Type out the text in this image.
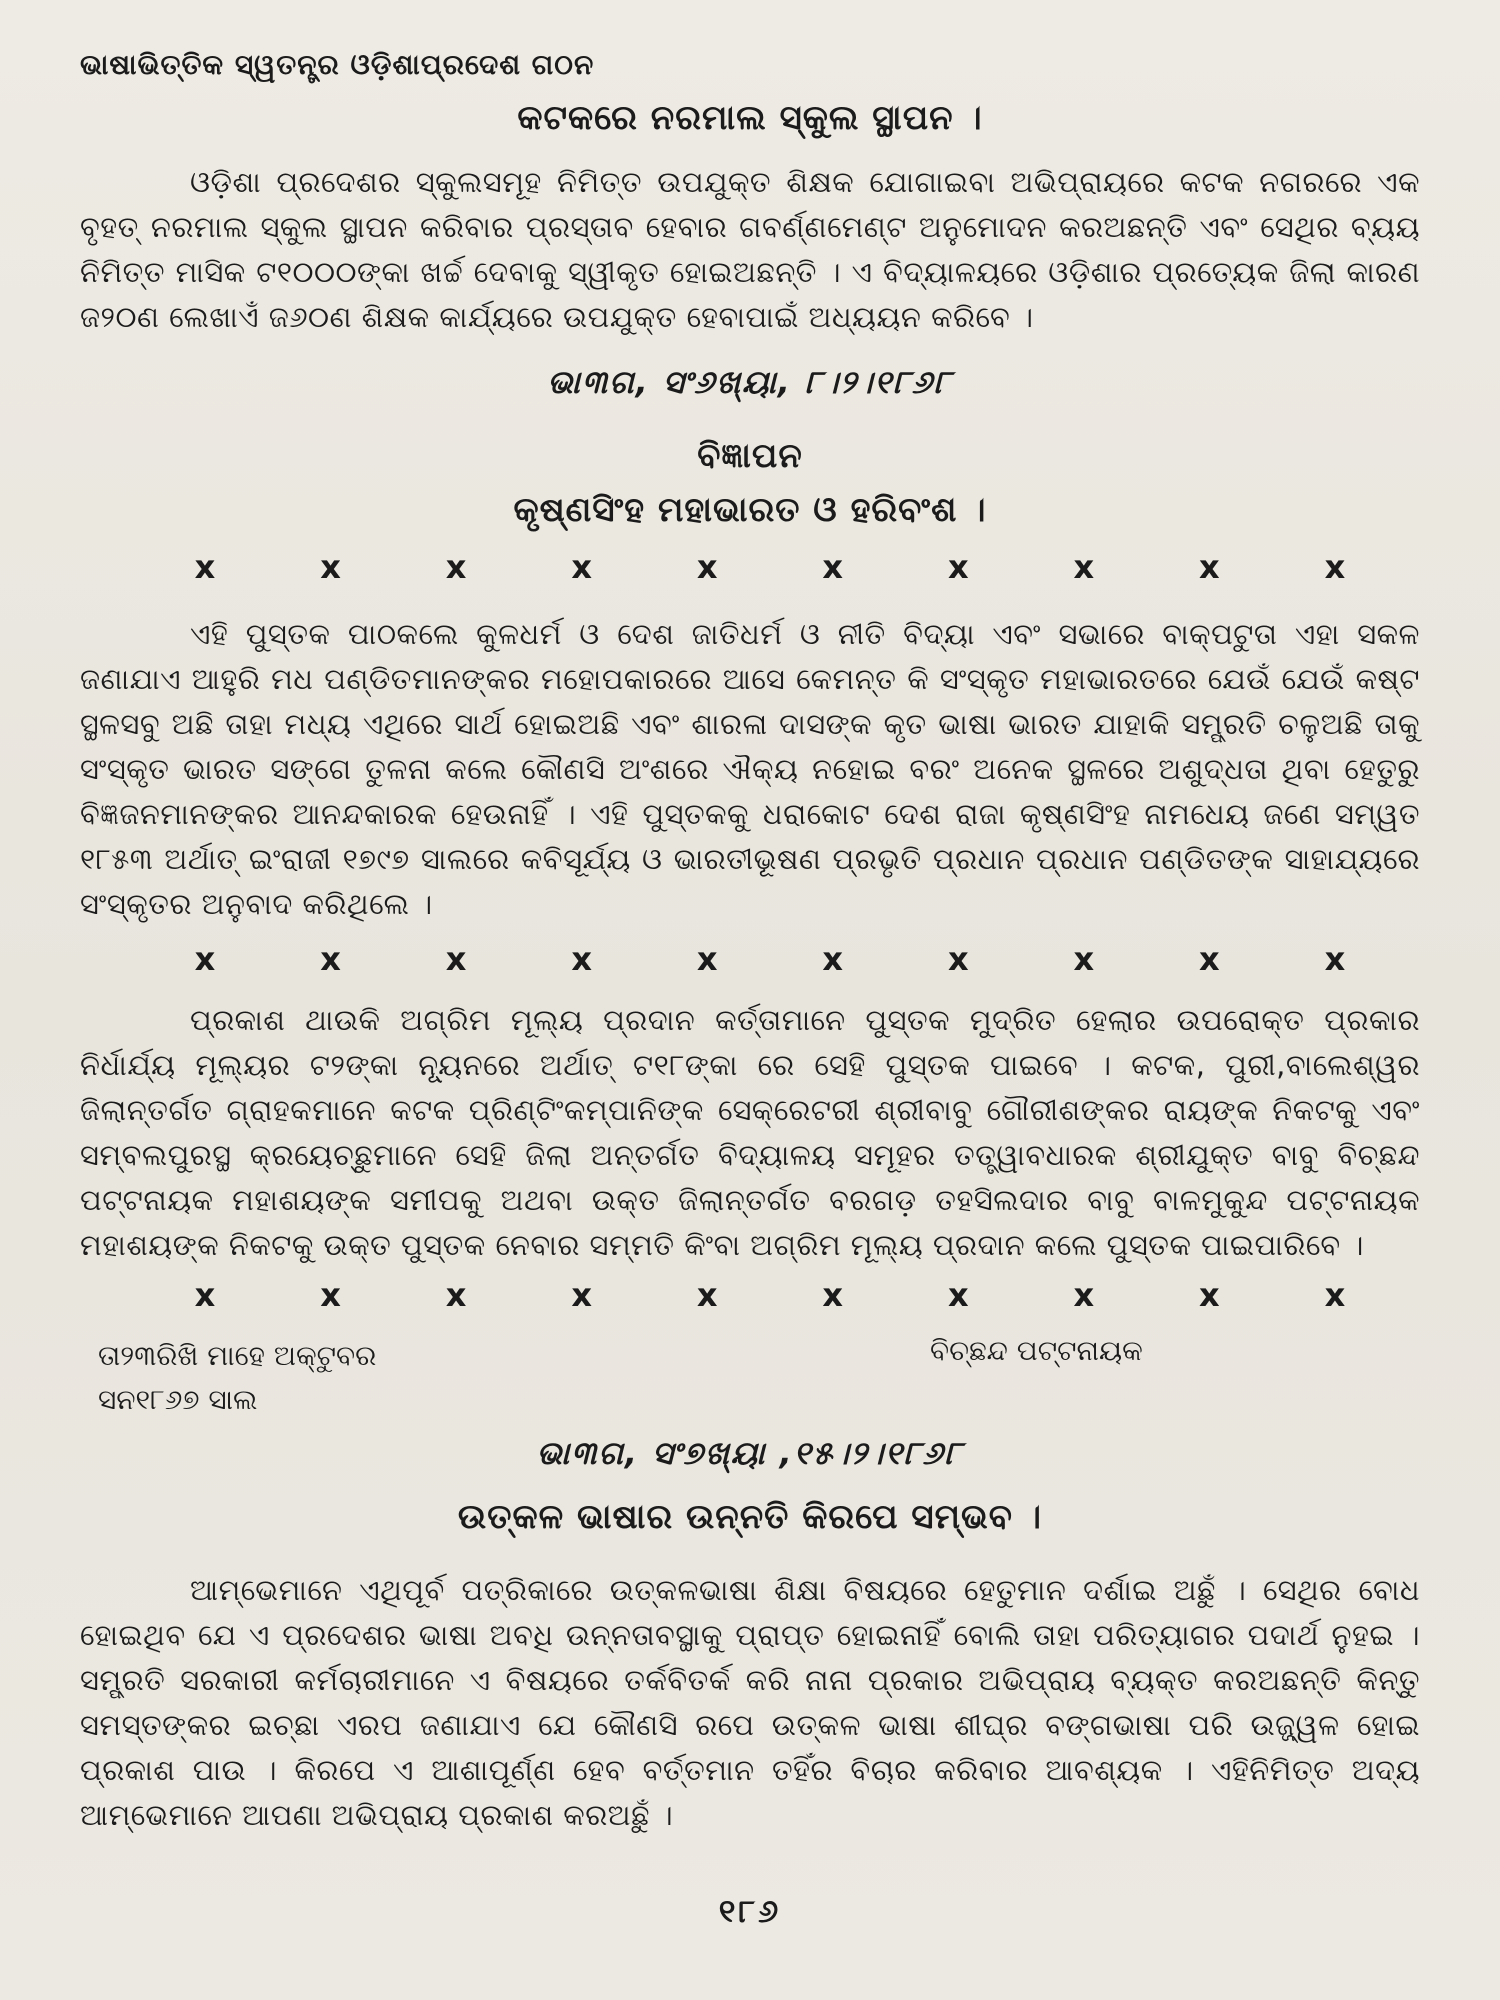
ଭାଷାଭିତ୍ତିକ ସ୍ୱତନ୍ତ୍ର ଓଡ଼ିଶାପ୍ରଦେଶ ଗଠନ
କଟକରେ ନରମାଲ ସ୍କୁଲ ସ୍ଥାପନ ।
ଓଡ଼ିଶା ପ୍ରଦେଶର ସ୍କୁଲସମୂହ ନିମିତ୍ତ ଉପଯୁକ୍ତ ଶିକ୍ଷକ ଯୋଗାଇବା ଅଭିପ୍ରାୟରେ କଟକ ନଗରରେ ଏକ ବୃହତ୍ ନରମାଲ ସ୍କୁଲ ସ୍ଥାପନ କରିବାର ପ୍ରସ୍ତାବ ହେବାର ଗବର୍ଣ୍ଣମେଣ୍ଟ ଅନୁମୋଦନ କରଅଛନ୍ତି ଏବଂ ସେଥିର ବ୍ୟୟ ନିମିତ୍ତ ମାସିକ ଟ୧୦୦୦ଙ୍କା ଖର୍ଚ୍ଚ ଦେବାକୁ ସ୍ୱୀକୃତ ହୋଇଅଛନ୍ତି । ଏ ବିଦ୍ୟାଳୟରେ ଓଡ଼ିଶାର ପ୍ରତ୍ୟେକ ଜିଲା କାରଣ ଜ୨୦ଣ ଲେଖାଏଁ ଜ୬୦ଣ ଶିକ୍ଷକ କାର୍ଯ୍ୟରେ ଉପଯୁକ୍ତ ହେବାପାଇଁ ଅଧ୍ୟୟନ କରିବେ ।
ଭା୩ଗ, ସଂ୬ଖ୍ୟା, ୮।୨।୧୮୬୮
ବିଜ୍ଞାପନ
କୃଷ୍ଣସିଂହ ମହାଭାରତ ଓ ହରିବଂଶ ।
x	x	x	x	x	x	x	x	x	x
ଏହି ପୁସ୍ତକ ପାଠକଲେ କୁଳଧର୍ମ ଓ ଦେଶ ଜାତିଧର୍ମ ଓ ନୀତି ବିଦ୍ୟା ଏବଂ ସଭାରେ ବାକ୍‌ପଟୁତା ଏହା ସକଳ ଜଣାଯାଏ ଆହୁରି ମଧ ପଣ୍ଡିତମାନଙ୍କର ମହୋପକାରରେ ଆସେ କେମନ୍ତ କି ସଂସ୍କୃତ ମହାଭାରତରେ ଯେଉଁ ଯେଉଁ କଷ୍ଟ ସ୍ଥଳସବୁ ଅଛି ତାହା ମଧ୍ୟ ଏଥିରେ ସାର୍ଥ ହୋଇଅଛି ଏବଂ ଶାରଳା ଦାସଙ୍କ କୃତ ଭାଷା ଭାରତ ଯାହାକି ସମ୍ପ୍ରତି ଚଳୁଅଛି ତାକୁ ସଂସ୍କୃତ ଭାରତ ସଙ୍ଗେ ତୁଳନା କଲେ କୌଣସି ଅଂଶରେ ଐକ୍ୟ ନହୋଇ ବରଂ ଅନେକ ସ୍ଥଳରେ ଅଶୁଦ୍ଧତା ଥିବା ହେତୁରୁ ବିଜ୍ଞଜନମାନଙ୍କର ଆନନ୍ଦକାରକ ହେଉନାହିଁ । ଏହି ପୁସ୍ତକକୁ ଧରାକୋଟ ଦେଶ ରାଜା କୃଷ୍ଣସିଂହ ନାମଧେୟ ଜଣେ ସମ୍ୱତ ୧୮୫୩ ଅର୍ଥାତ୍ ଇଂରାଜୀ ୧୭୯୭ ସାଲରେ କବିସୂର୍ଯ୍ୟ ଓ ଭାରତୀଭୂଷଣ ପ୍ରଭୃତି ପ୍ରଧାନ ପ୍ରଧାନ ପଣ୍ଡିତଙ୍କ ସାହାଯ୍ୟରେ ସଂସ୍କୃତର ଅନୁବାଦ କରିଥିଲେ ।
x	x	x	x	x	x	x	x	x	x
ପ୍ରକାଶ ଥାଉକି ଅଗ୍ରିମ ମୂଲ୍ୟ ପ୍ରଦାନ କର୍ତ୍ତାମାନେ ପୁସ୍ତକ ମୁଦ୍ରିତ ହେଲାର ଉପରୋକ୍ତ ପ୍ରକାର ନିର୍ଧାର୍ଯ୍ୟ ମୂଲ୍ୟର ଟ୨ଙ୍କା ନ୍ୟୂନରେ ଅର୍ଥାତ୍ ଟ୧୮ଙ୍କା ରେ ସେହି ପୁସ୍ତକ ପାଇବେ । କଟକ, ପୁରୀ,ବାଲେଶ୍ୱର ଜିଲାନ୍ତର୍ଗତ ଗ୍ରାହକମାନେ କଟକ ପ୍ରିଣ୍ଟିଂକମ୍ପାନିଙ୍କ ସେକ୍ରେଟରୀ ଶ୍ରୀବାବୁ ଗୌରୀଶଙ୍କର ରାୟଙ୍କ ନିକଟକୁ ଏବଂ ସମ୍ବଲପୁରସ୍ଥ କ୍ରୟେଚ୍ଛୁମାନେ ସେହି ଜିଲା ଅନ୍ତର୍ଗତ ବିଦ୍ୟାଳୟ ସମୂହର ତତ୍ତ୍ୱାବଧାରକ ଶ୍ରୀଯୁକ୍ତ ବାବୁ ବିଚ୍ଛନ୍ଦ ପଟ୍ଟନାୟକ ମହାଶୟଙ୍କ ସମୀପକୁ ଅଥବା ଉକ୍ତ ଜିଲାନ୍ତର୍ଗତ ବରଗଡ଼ ତହସିଲଦାର ବାବୁ ବାଳମୁକୁନ୍ଦ ପଟ୍ଟନାୟକ ମହାଶୟଙ୍କ ନିକଟକୁ ଉକ୍ତ ପୁସ୍ତକ ନେବାର ସମ୍ମତି କିଂବା ଅଗ୍ରିମ ମୂଲ୍ୟ ପ୍ରଦାନ କଲେ ପୁସ୍ତକ ପାଇପାରିବେ ।
x	x	x	x	x	x	x	x	x	x
ତା୨୩ରିଖି ମାହେ ଅକ୍ଟୁବର
ସନ୧୮୬୭ ସାଲ
ବିଚ୍ଛନ୍ଦ ପଟ୍ଟନାୟକ
ଭା୩ଗ, ସଂ୭ଖ୍ୟା ,୧୫।୨।୧୮୬୮
ଉତ୍କଳ ଭାଷାର ଉନ୍ନତି କିରପେ ସମ୍ଭବ ।
ଆମ୍ଭେମାନେ ଏଥିପୂର୍ବ ପତ୍ରିକାରେ ଉତ୍କଳଭାଷା ଶିକ୍ଷା ବିଷୟରେ ହେତୁମାନ ଦର୍ଶାଇ ଅଛୁଁ । ସେଥିର ବୋଧ ହୋଇଥିବ ଯେ ଏ ପ୍ରଦେଶର ଭାଷା ଅବଧି ଉନ୍ନତାବସ୍ଥାକୁ ପ୍ରାପ୍ତ ହୋଇନାହିଁ ବୋଲି ତାହା ପରିତ୍ୟାଗର ପଦାର୍ଥ ନୁହଇ । ସମ୍ପ୍ରତି ସରକାରୀ କର୍ମଚାରୀମାନେ ଏ ବିଷୟରେ ତର୍କବିତର୍କ କରି ନାନା ପ୍ରକାର ଅଭିପ୍ରାୟ ବ୍ୟକ୍ତ କରଅଛନ୍ତି କିନ୍ତୁ ସମସ୍ତଙ୍କର ଇଚ୍ଛା ଏରପ ଜଣାଯାଏ ଯେ କୌଣସି ରପେ ଉତ୍କଳ ଭାଷା ଶୀଘ୍ର ବଙ୍ଗଭାଷା ପରି ଉଜ୍ଜ୍ୱଳ ହୋଇ ପ୍ରକାଶ ପାଉ । କିରପେ ଏ ଆଶାପୂର୍ଣ୍ଣ ହେବ ବର୍ତ୍ତମାନ ତହିଁର ବିଚାର କରିବାର ଆବଶ୍ୟକ । ଏହିନିମିତ୍ତ ଅଦ୍ୟ ଆମ୍ଭେମାନେ ଆପଣା ଅଭିପ୍ରାୟ ପ୍ରକାଶ କରଅଛୁଁ ।
୧୮୬
